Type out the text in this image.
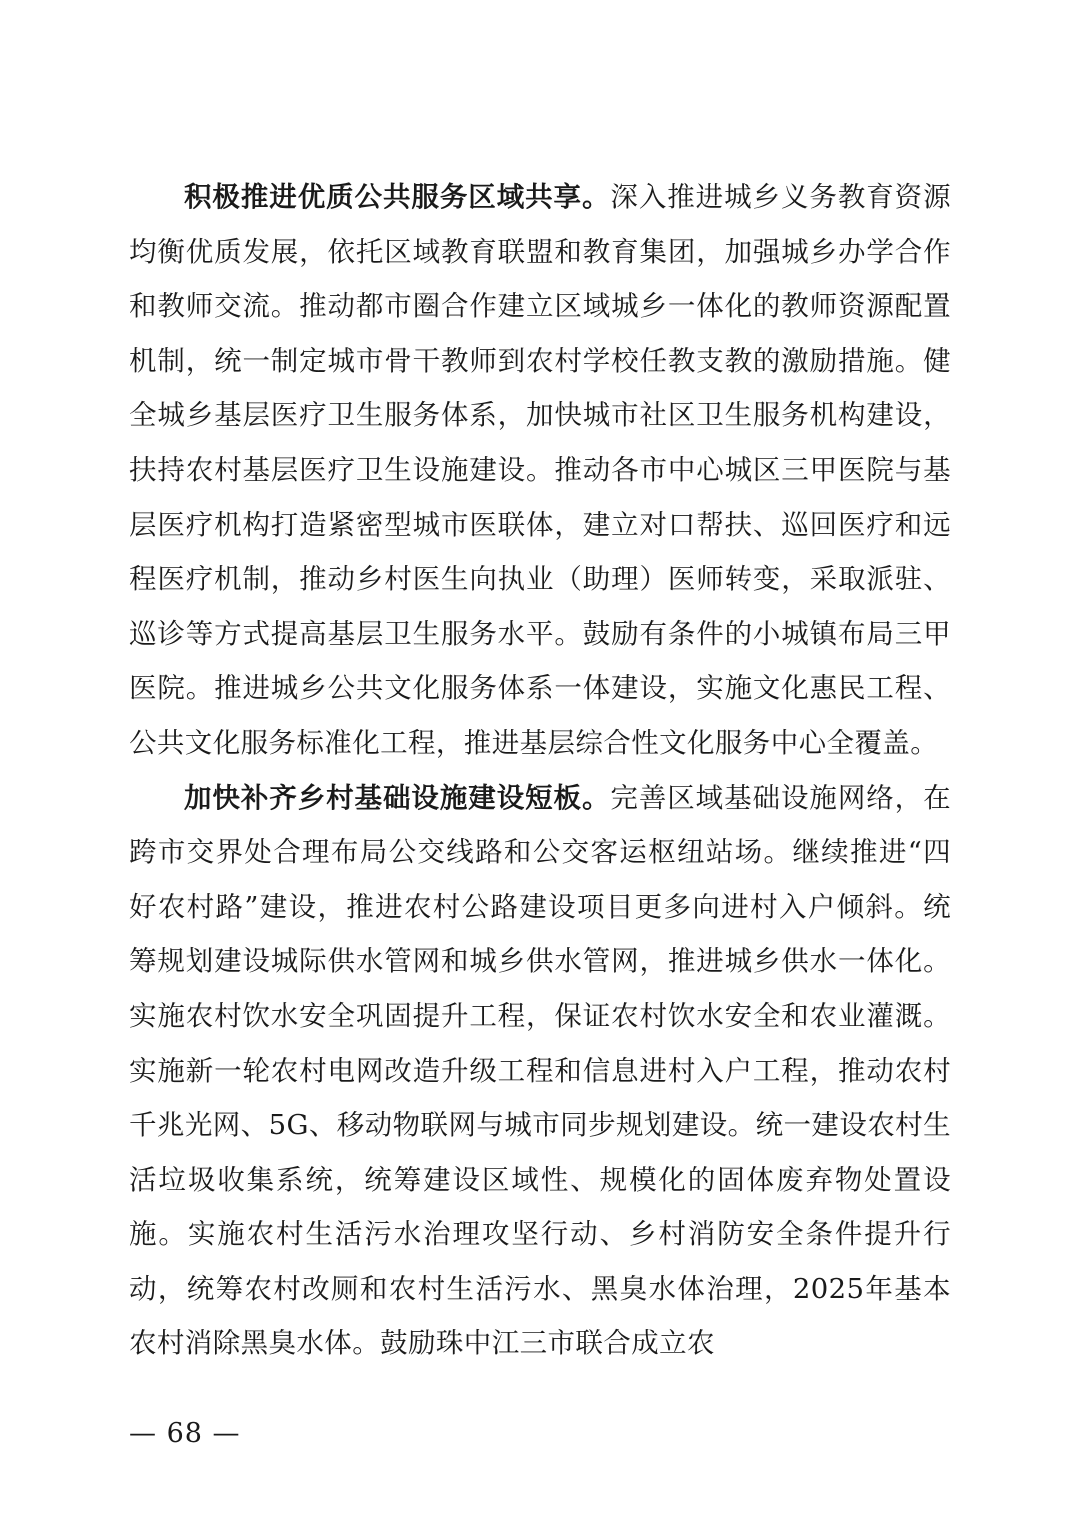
积极推进优质公共服务区域共享。深入推进城乡义务教育资源均衡优质发展，依托区域教育联盟和教育集团，加强城乡办学合作和教师交流。推动都市圈合作建立区域城乡一体化的教师资源配置机制，统一制定城市骨干教师到农村学校任教支教的激励措施。健全城乡基层医疗卫生服务体系，加快城市社区卫生服务机构建设，扶持农村基层医疗卫生设施建设。推动各市中心城区三甲医院与基层医疗机构打造紧密型城市医联体，建立对口帮扶、巡回医疗和远程医疗机制，推动乡村医生向执业（助理）医师转变，采取派驻、巡诊等方式提高基层卫生服务水平。鼓励有条件的小城镇布局三甲医院。推进城乡公共文化服务体系一体建设，实施文化惠民工程、公共文化服务标准化工程，推进基层综合性文化服务中心全覆盖。

加快补齐乡村基础设施建设短板。完善区域基础设施网络，在跨市交界处合理布局公交线路和公交客运枢纽站场。继续推进“四好农村路”建设，推进农村公路建设项目更多向进村入户倾斜。统筹规划建设城际供水管网和城乡供水管网，推进城乡供水一体化。实施农村饮水安全巩固提升工程，保证农村饮水安全和农业灌溉。实施新一轮农村电网改造升级工程和信息进村入户工程，推动农村千兆光网、5G、移动物联网与城市同步规划建设。统一建设农村生活垃圾收集系统，统筹建设区域性、规模化的固体废弃物处置设施。实施农村生活污水治理攻坚行动、乡村消防安全条件提升行动，统筹农村改厕和农村生活污水、黑臭水体治理，2025年基本农村消除黑臭水体。鼓励珠中江三市联合成立农

— 68 —
